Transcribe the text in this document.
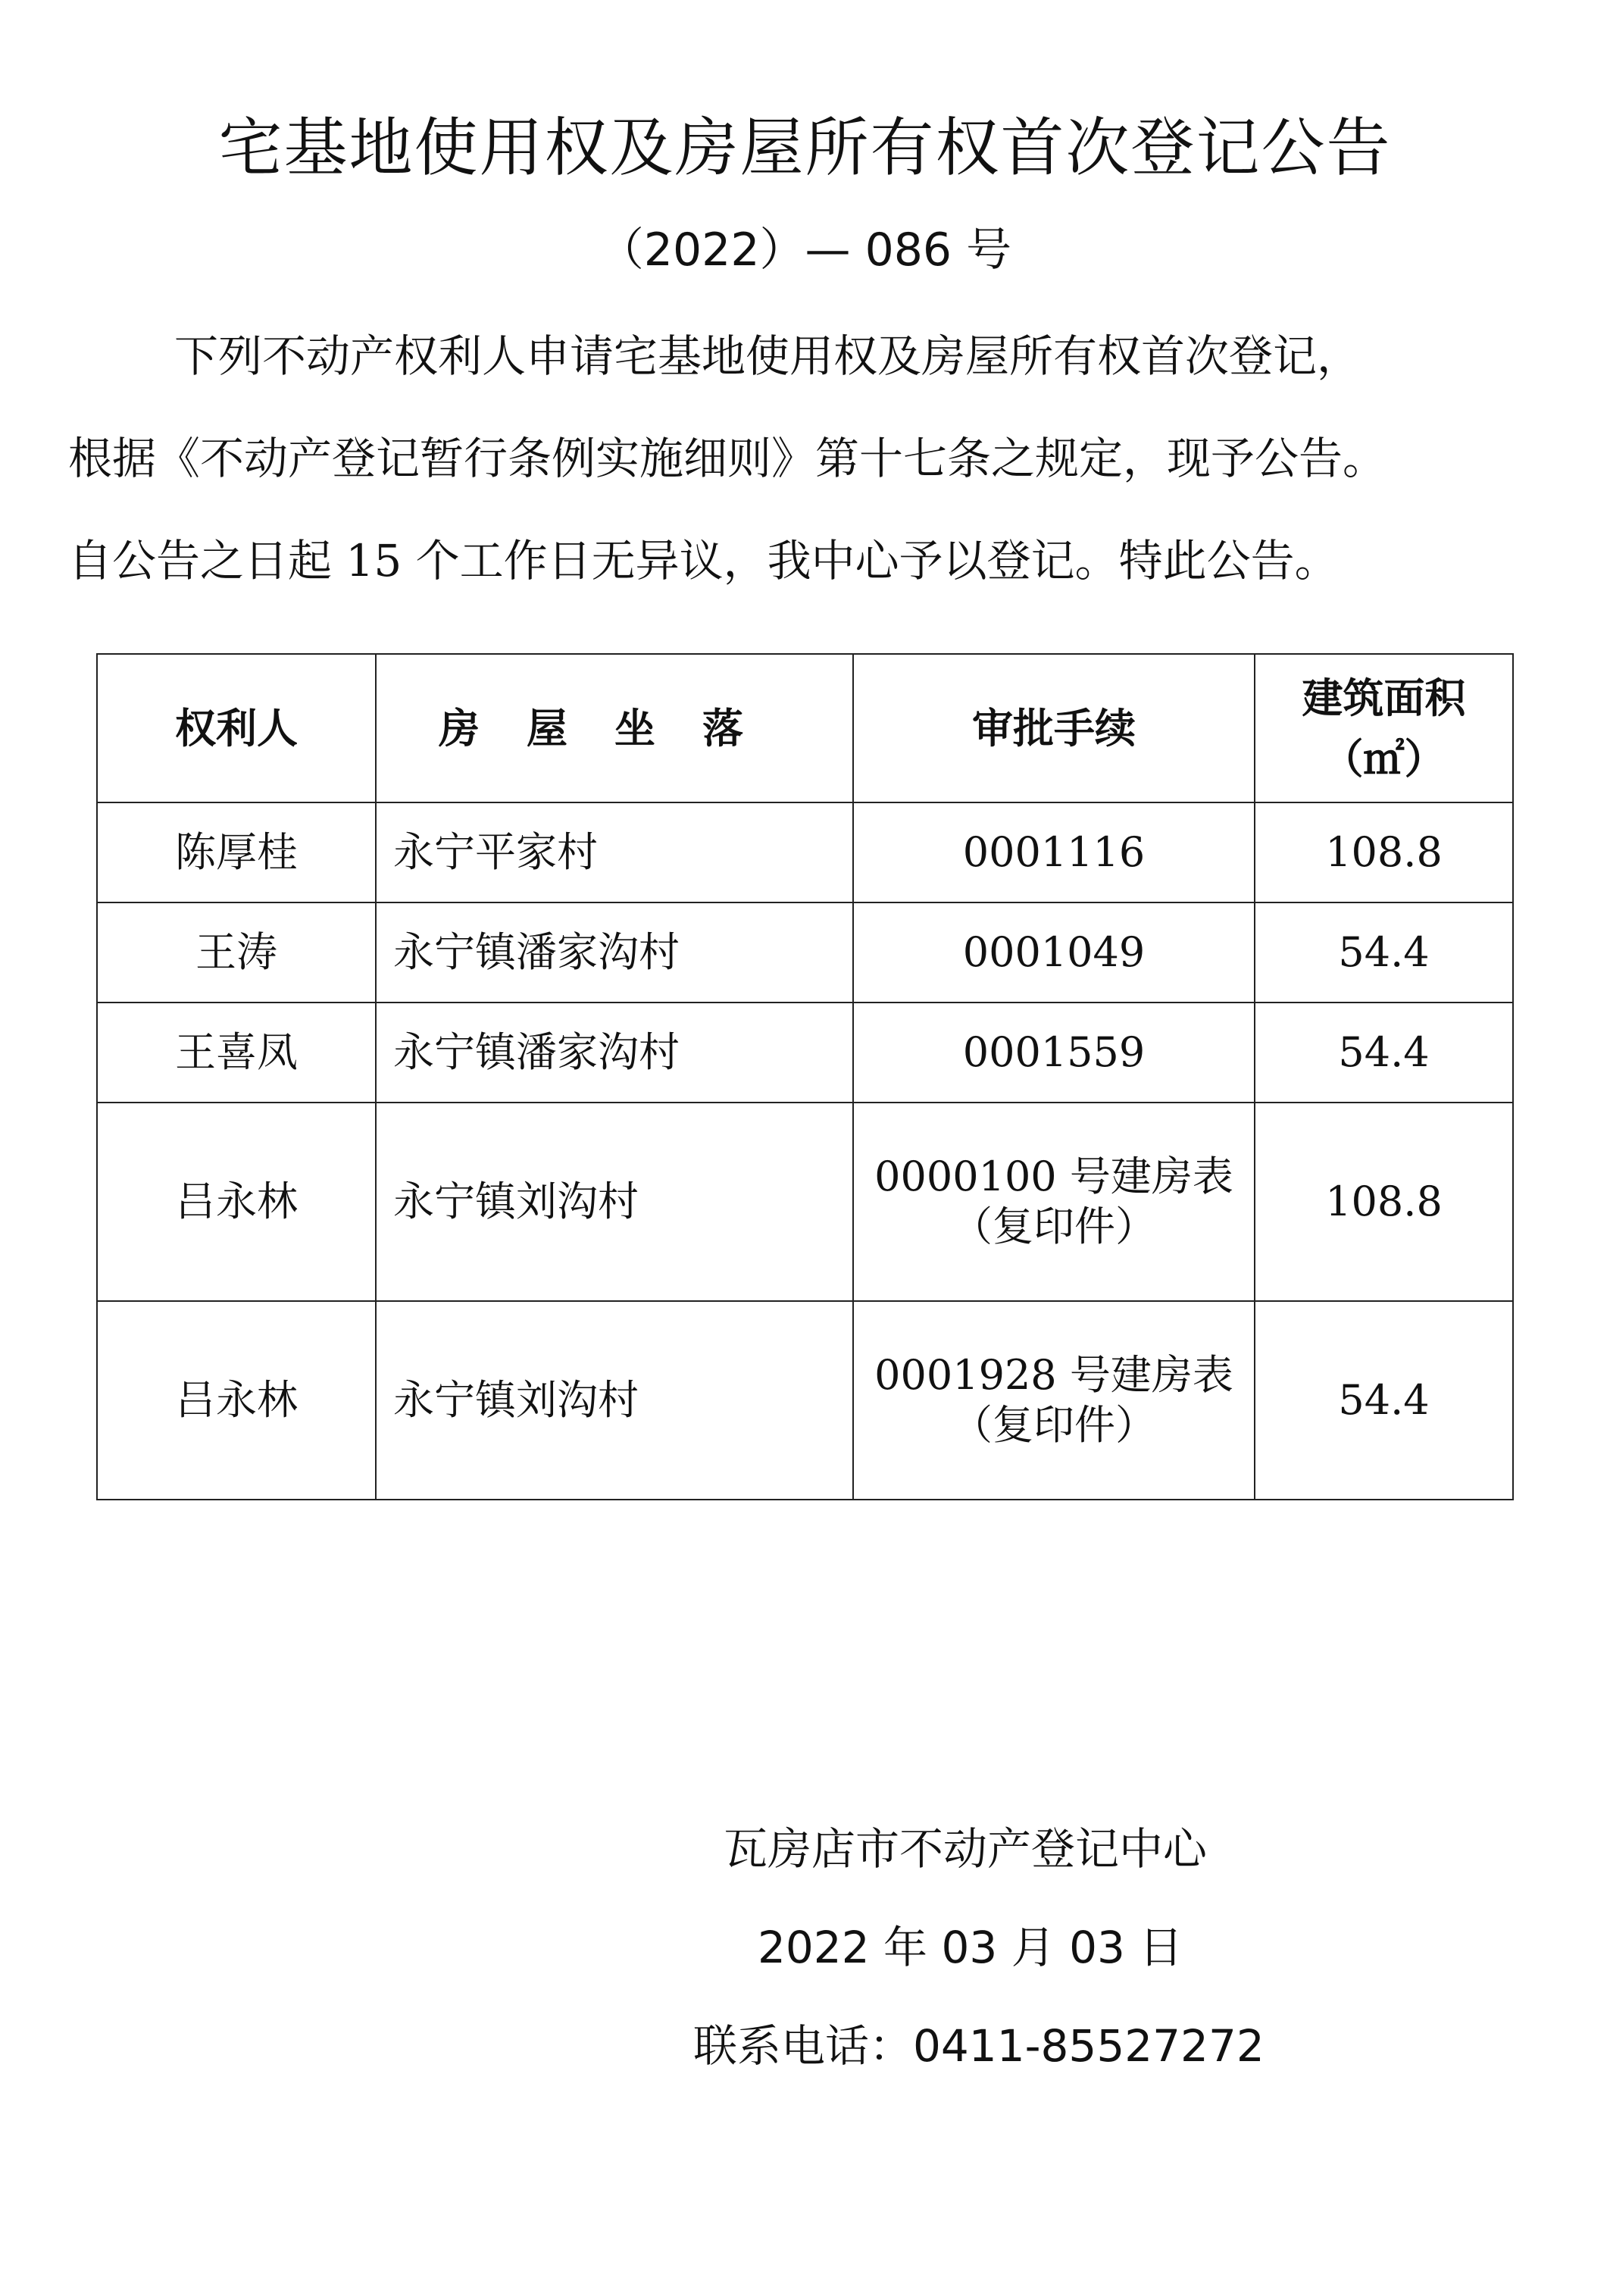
宅基地使用权及房屋所有权首次登记公告
（2022）— 086 号
下列不动产权利人申请宅基地使用权及房屋所有权首次登记，
根据《不动产登记暂行条例实施细则》第十七条之规定，现予公告。
自公告之日起 15 个工作日无异议，我中心予以登记。特此公告。
权利人	房屋坐落	审批手续	建筑面积
（㎡）

陈厚桂	永宁平家村	0001116	108.8
王涛	永宁镇潘家沟村	0001049	54.4
王喜凤	永宁镇潘家沟村	0001559	54.4
吕永林	永宁镇刘沟村	0000100 号建房表
（复印件）	108.8
吕永林	永宁镇刘沟村	0001928 号建房表
（复印件）	54.4
瓦房店市不动产登记中心
2022 年 03 月 03 日
联系电话：0411-85527272
